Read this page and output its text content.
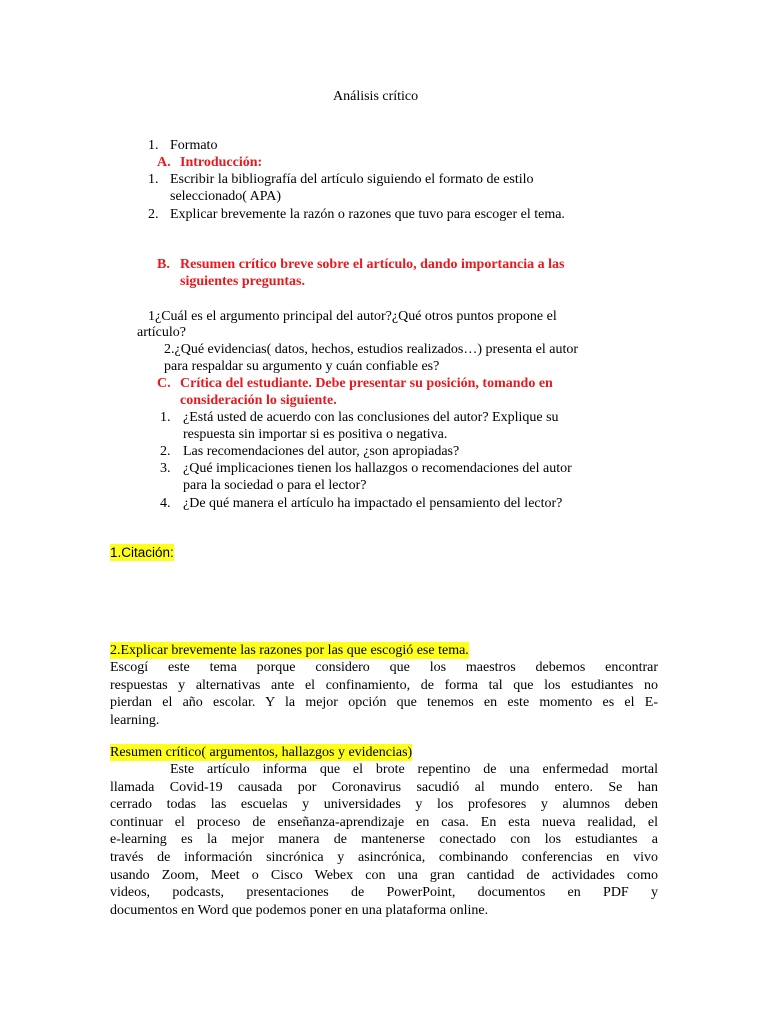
Análisis crítico
1. Formato
A. Introducción:
1. Escribir la bibliografía del artículo siguiendo el formato de estilo
seleccionado( APA)
2. Explicar brevemente la razón o razones que tuvo para escoger el tema.
B. Resumen crítico breve sobre el artículo, dando importancia a las
siguientes preguntas.
1¿Cuál es el argumento principal del autor?¿Qué otros puntos propone el
artículo?
2.¿Qué evidencias( datos, hechos, estudios realizados…) presenta el autor
para respaldar su argumento y cuán confiable es?
C. Crítica del estudiante. Debe presentar su posición, tomando en
consideración lo siguiente.
1. ¿Está usted de acuerdo con las conclusiones del autor? Explique su
respuesta sin importar si es positiva o negativa.
2. Las recomendaciones del autor, ¿son apropiadas?
3. ¿Qué implicaciones tienen los hallazgos o recomendaciones del autor
para la sociedad o para el lector?
4. ¿De qué manera el artículo ha impactado el pensamiento del lector?
1.Citación:
2.Explicar brevemente las razones por las que escogió ese tema.
Escogí este tema porque considero que los maestros debemos encontrar
respuestas y alternativas ante el confinamiento, de forma tal que los estudiantes no
pierdan el año escolar. Y la mejor opción que tenemos en este momento es el E-
learning.
Resumen crítico( argumentos, hallazgos y evidencias)
Este artículo informa que el brote repentino de una enfermedad mortal
llamada Covid-19 causada por Coronavirus sacudió al mundo entero. Se han
cerrado todas las escuelas y universidades y los profesores y alumnos deben
continuar el proceso de enseñanza-aprendizaje en casa. En esta nueva realidad, el
e-learning es la mejor manera de mantenerse conectado con los estudiantes a
través de información sincrónica y asincrónica, combinando conferencias en vivo
usando Zoom, Meet o Cisco Webex con una gran cantidad de actividades como
videos, podcasts, presentaciones de PowerPoint, documentos en PDF y
documentos en Word que podemos poner en una plataforma online.
